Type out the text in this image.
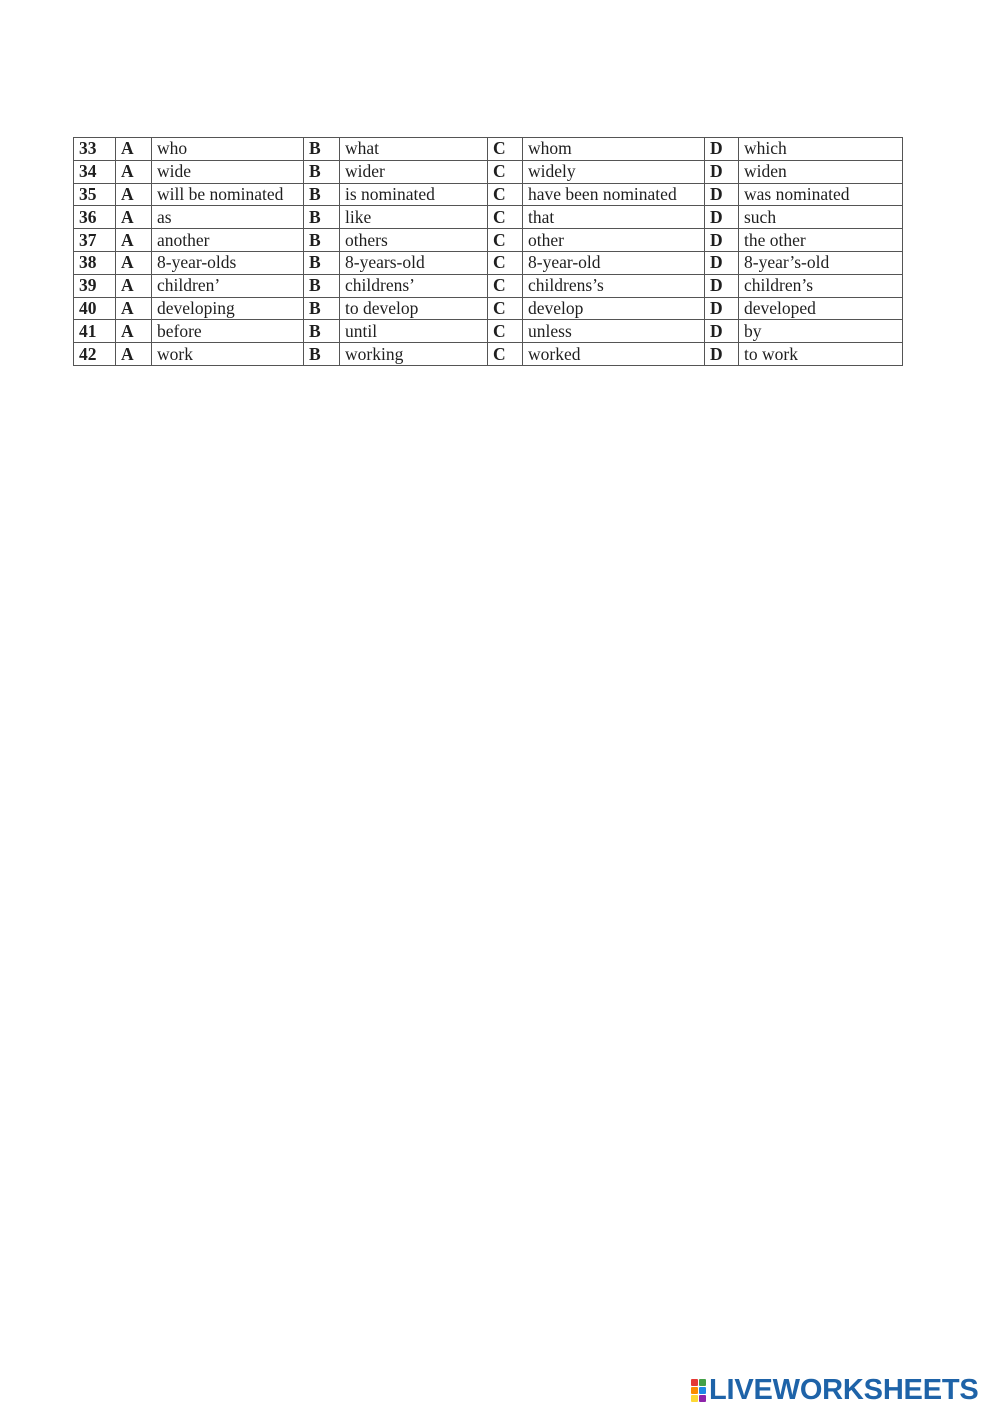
33	A	who	B	what	C	whom	D	which
34	A	wide	B	wider	C	widely	D	widen
35	A	will be nominated	B	is nominated	C	have been nominated	D	was nominated
36	A	as	B	like	C	that	D	such
37	A	another	B	others	C	other	D	the other
38	A	8-year-olds	B	8-years-old	C	8-year-old	D	8-year’s-old
39	A	children’	B	childrens’	C	childrens’s	D	children’s
40	A	developing	B	to develop	C	develop	D	developed
41	A	before	B	until	C	unless	D	by
42	A	work	B	working	C	worked	D	to work
LIVEWORKSHEETS
